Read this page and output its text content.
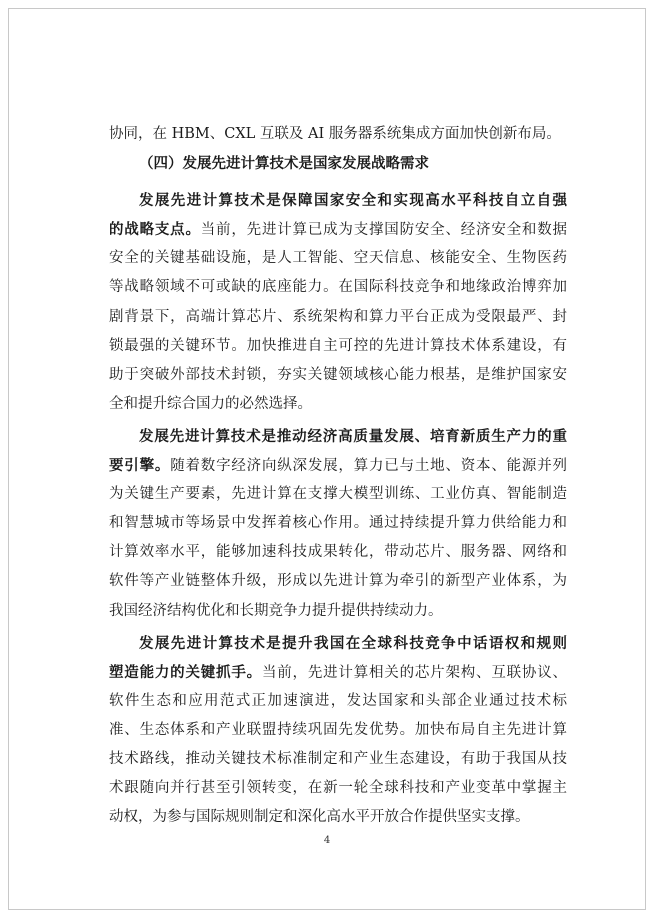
协同，在 HBM、CXL 互联及 AI 服务器系统集成方面加快创新布局。
（四）发展先进计算技术是国家发展战略需求
发展先进计算技术是保障国家安全和实现高水平科技自立自强
的战略支点。当前，先进计算已成为支撑国防安全、经济安全和数据
安全的关键基础设施，是人工智能、空天信息、核能安全、生物医药
等战略领域不可或缺的底座能力。在国际科技竞争和地缘政治博弈加
剧背景下，高端计算芯片、系统架构和算力平台正成为受限最严、封
锁最强的关键环节。加快推进自主可控的先进计算技术体系建设，有
助于突破外部技术封锁，夯实关键领域核心能力根基，是维护国家安
全和提升综合国力的必然选择。
发展先进计算技术是推动经济高质量发展、培育新质生产力的重
要引擎。随着数字经济向纵深发展，算力已与土地、资本、能源并列
为关键生产要素，先进计算在支撑大模型训练、工业仿真、智能制造
和智慧城市等场景中发挥着核心作用。通过持续提升算力供给能力和
计算效率水平，能够加速科技成果转化，带动芯片、服务器、网络和
软件等产业链整体升级，形成以先进计算为牵引的新型产业体系，为
我国经济结构优化和长期竞争力提升提供持续动力。
发展先进计算技术是提升我国在全球科技竞争中话语权和规则
塑造能力的关键抓手。当前，先进计算相关的芯片架构、互联协议、
软件生态和应用范式正加速演进，发达国家和头部企业通过技术标
准、生态体系和产业联盟持续巩固先发优势。加快布局自主先进计算
技术路线，推动关键技术标准制定和产业生态建设，有助于我国从技
术跟随向并行甚至引领转变，在新一轮全球科技和产业变革中掌握主
动权，为参与国际规则制定和深化高水平开放合作提供坚实支撑。
4
